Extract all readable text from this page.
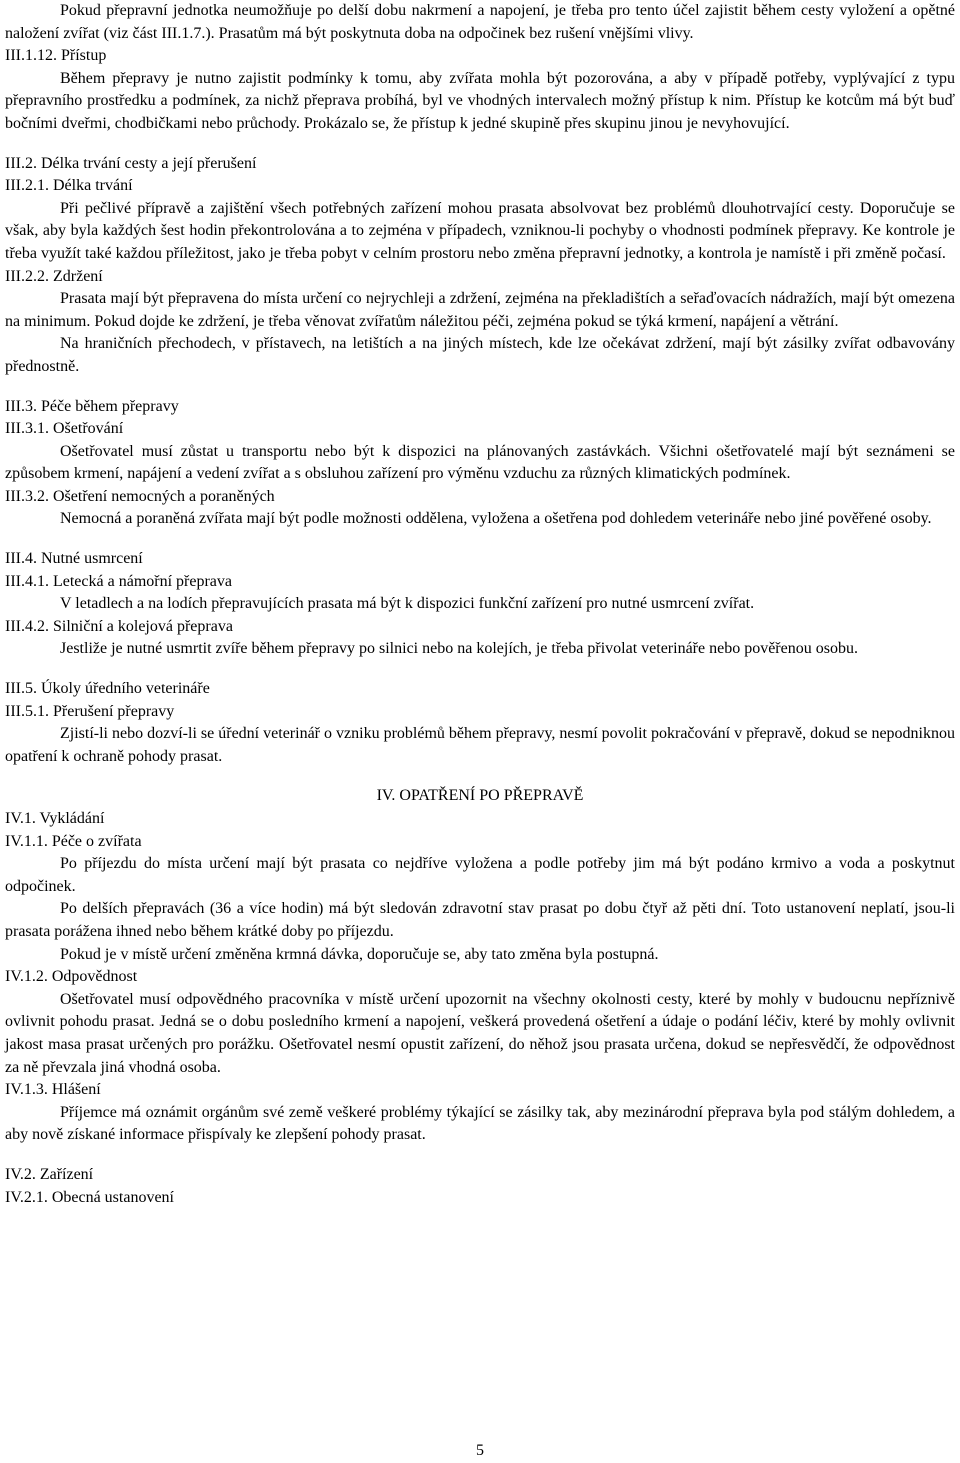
Pokud přepravní jednotka neumožňuje po delší dobu nakrmení a napojení, je třeba pro tento účel zajistit během cesty vyložení a opětné naložení zvířat (viz část III.1.7.). Prasatům má být poskytnuta doba na odpočinek bez rušení vnějšími vlivy.

III.1.12. Přístup

Během přepravy je nutno zajistit podmínky k tomu, aby zvířata mohla být pozorována, a aby v případě potřeby, vyplývající z typu přepravního prostředku a podmínek, za nichž přeprava probíhá, byl ve vhodných intervalech možný přístup k nim. Přístup ke kotcům má být buď bočními dveřmi, chodbičkami nebo průchody. Prokázalo se, že přístup k jedné skupině přes skupinu jinou je nevyhovující.

III.2. Délka trvání cesty a její přerušení

III.2.1. Délka trvání

Při pečlivé přípravě a zajištění všech potřebných zařízení mohou prasata absolvovat bez problémů dlouhotrvající cesty. Doporučuje se však, aby byla každých šest hodin překontrolována a to zejména v případech, vzniknou-li pochyby o vhodnosti podmínek přepravy. Ke kontrole je třeba využít také každou příležitost, jako je třeba pobyt v celním prostoru nebo změna přepravní jednotky, a kontrola je namístě i při změně počasí.

III.2.2. Zdržení

Prasata mají být přepravena do místa určení co nejrychleji a zdržení, zejména na překladištích a seřaďovacích nádražích, mají být omezena na minimum. Pokud dojde ke zdržení, je třeba věnovat zvířatům náležitou péči, zejména pokud se týká krmení, napájení a větrání.

Na hraničních přechodech, v přístavech, na letištích a na jiných místech, kde lze očekávat zdržení, mají být zásilky zvířat odbavovány přednostně.

III.3. Péče během přepravy

III.3.1. Ošetřování

Ošetřovatel musí zůstat u transportu nebo být k dispozici na plánovaných zastávkách. Všichni ošetřovatelé mají být seznámeni se způsobem krmení, napájení a vedení zvířat a s obsluhou zařízení pro výměnu vzduchu za různých klimatických podmínek.

III.3.2. Ošetření nemocných a poraněných

Nemocná a poraněná zvířata mají být podle možnosti oddělena, vyložena a ošetřena pod dohledem veterináře nebo jiné pověřené osoby.

III.4. Nutné usmrcení

III.4.1. Letecká a námořní přeprava

V letadlech a na lodích přepravujících prasata má být k dispozici funkční zařízení pro nutné usmrcení zvířat.

III.4.2. Silniční a kolejová přeprava

Jestliže je nutné usmrtit zvíře během přepravy po silnici nebo na kolejích, je třeba přivolat veterináře nebo pověřenou osobu.

III.5. Úkoly úředního veterináře

III.5.1. Přerušení přepravy

Zjistí-li nebo dozví-li se úřední veterinář o vzniku problémů během přepravy, nesmí povolit pokračování v přepravě, dokud se nepodniknou opatření k ochraně pohody prasat.

IV. OPATŘENÍ PO PŘEPRAVĚ

IV.1. Vykládání

IV.1.1. Péče o zvířata

Po příjezdu do místa určení mají být prasata co nejdříve vyložena a podle potřeby jim má být podáno krmivo a voda a poskytnut odpočinek.

Po delších přepravách (36 a více hodin) má být sledován zdravotní stav prasat po dobu čtyř až pěti dní. Toto ustanovení neplatí, jsou-li prasata porážena ihned nebo během krátké doby po příjezdu.

Pokud je v místě určení změněna krmná dávka, doporučuje se, aby tato změna byla postupná.

IV.1.2. Odpovědnost

Ošetřovatel musí odpovědného pracovníka v místě určení upozornit na všechny okolnosti cesty, které by mohly v budoucnu nepříznivě ovlivnit pohodu prasat. Jedná se o dobu posledního krmení a napojení, veškerá provedená ošetření a údaje o podání léčiv, které by mohly ovlivnit jakost masa prasat určených pro porážku. Ošetřovatel nesmí opustit zařízení, do něhož jsou prasata určena, dokud se nepřesvědčí, že odpovědnost za ně převzala jiná vhodná osoba.

IV.1.3. Hlášení

Příjemce má oznámit orgánům své země veškeré problémy týkající se zásilky tak, aby mezinárodní přeprava byla pod stálým dohledem, a aby nově získané informace přispívaly ke zlepšení pohody prasat.

IV.2. Zařízení

IV.2.1. Obecná ustanovení

5
